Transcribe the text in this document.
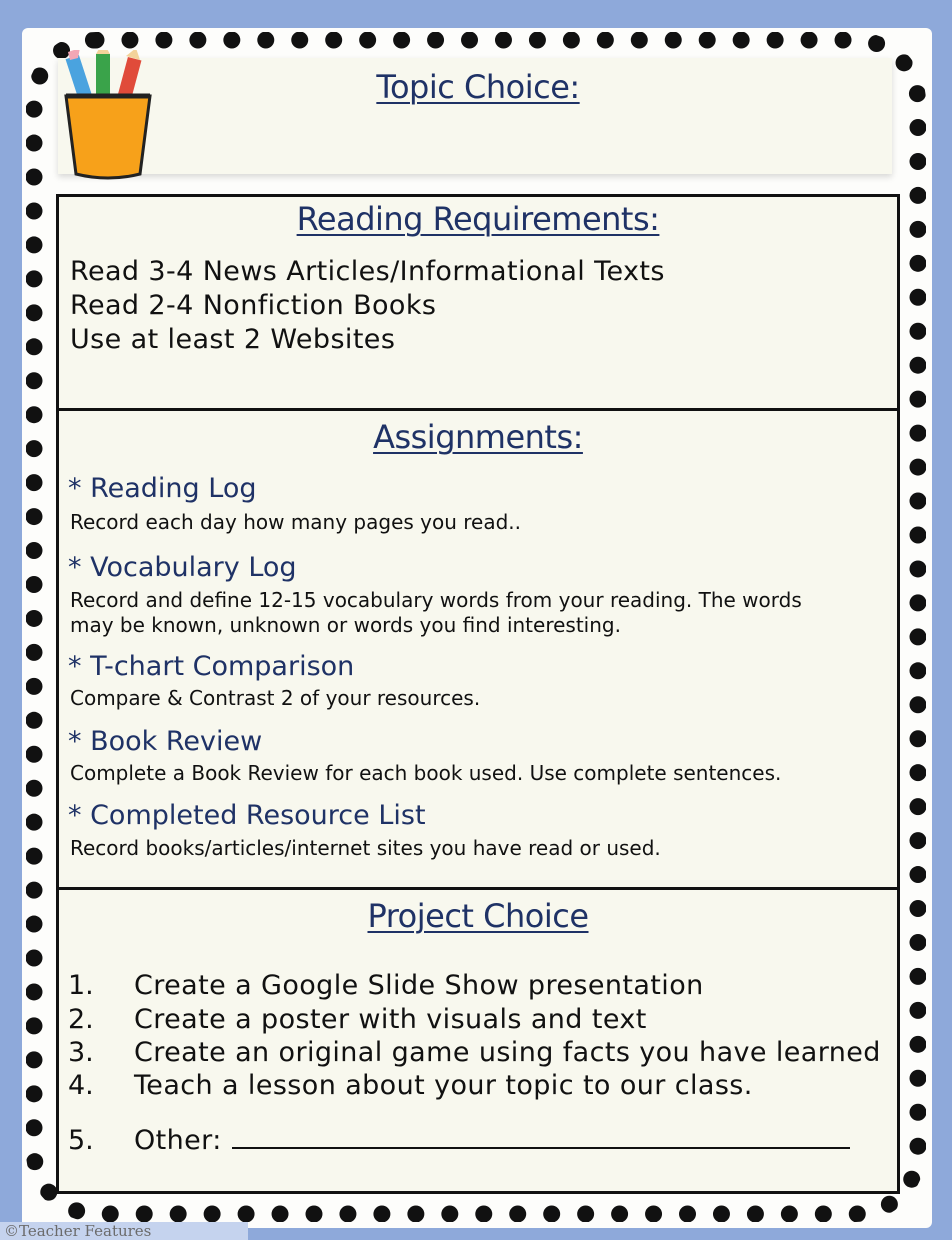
Topic Choice:
Reading Requirements:
Read 3-4 News Articles/Informational Texts
Read 2-4 Nonfiction Books
Use at least 2 Websites
Assignments:
* Reading Log
Record each day how many pages you read..
* Vocabulary Log
Record and define 12-15 vocabulary words from your reading. The words
may be known, unknown or words you find interesting.
* T-chart Comparison
Compare & Contrast 2 of your resources.
* Book Review
Complete a Book Review for each book used. Use complete sentences.
* Completed Resource List
Record books/articles/internet sites you have read or used.
Project Choice
1. Create a Google Slide Show presentation
2. Create a poster with visuals and text
3. Create an original game using facts you have learned
4. Teach a lesson about your topic to our class.
5. Other:
©Teacher Features
